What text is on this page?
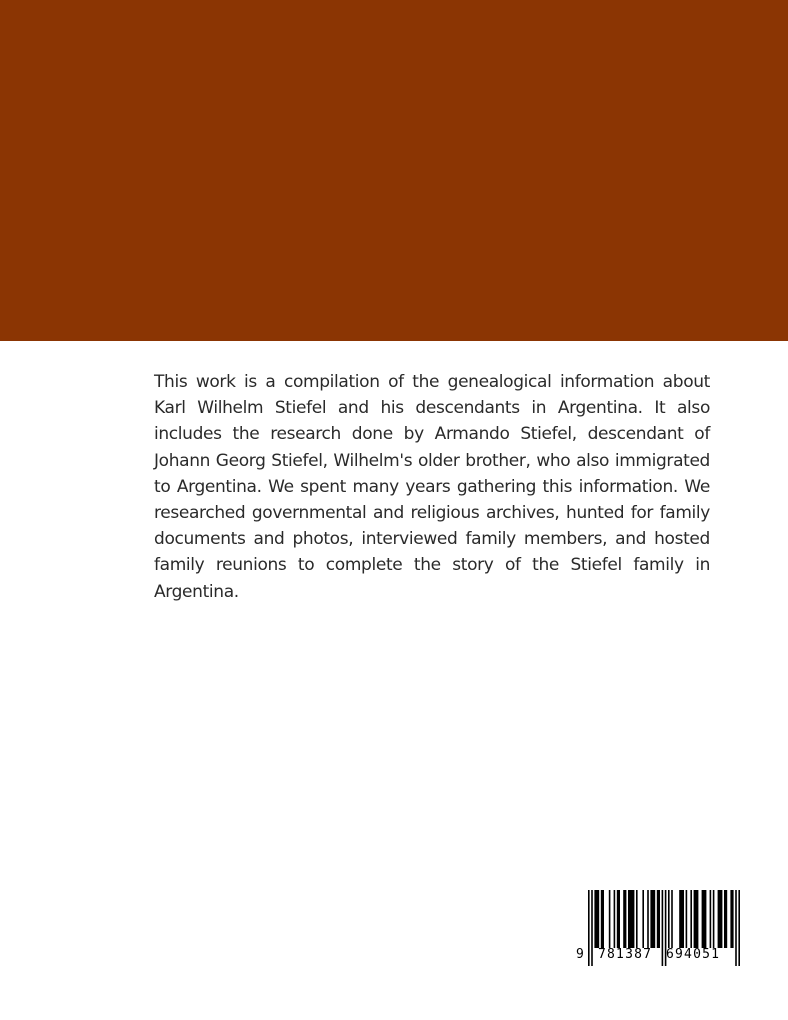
This work is a compilation of the genealogical information about Karl Wilhelm Stiefel and his descendants in Argentina. It also includes the research done by Armando Stiefel, descendant of Johann Georg Stiefel, Wilhelm's older brother, who also immigrated to Argentina. We spent many years gathering this information. We researched governmental and religious archives, hunted for family documents and photos, interviewed family members, and hosted family reunions to complete the story of the Stiefel family in Argentina.

9 781387 694051
